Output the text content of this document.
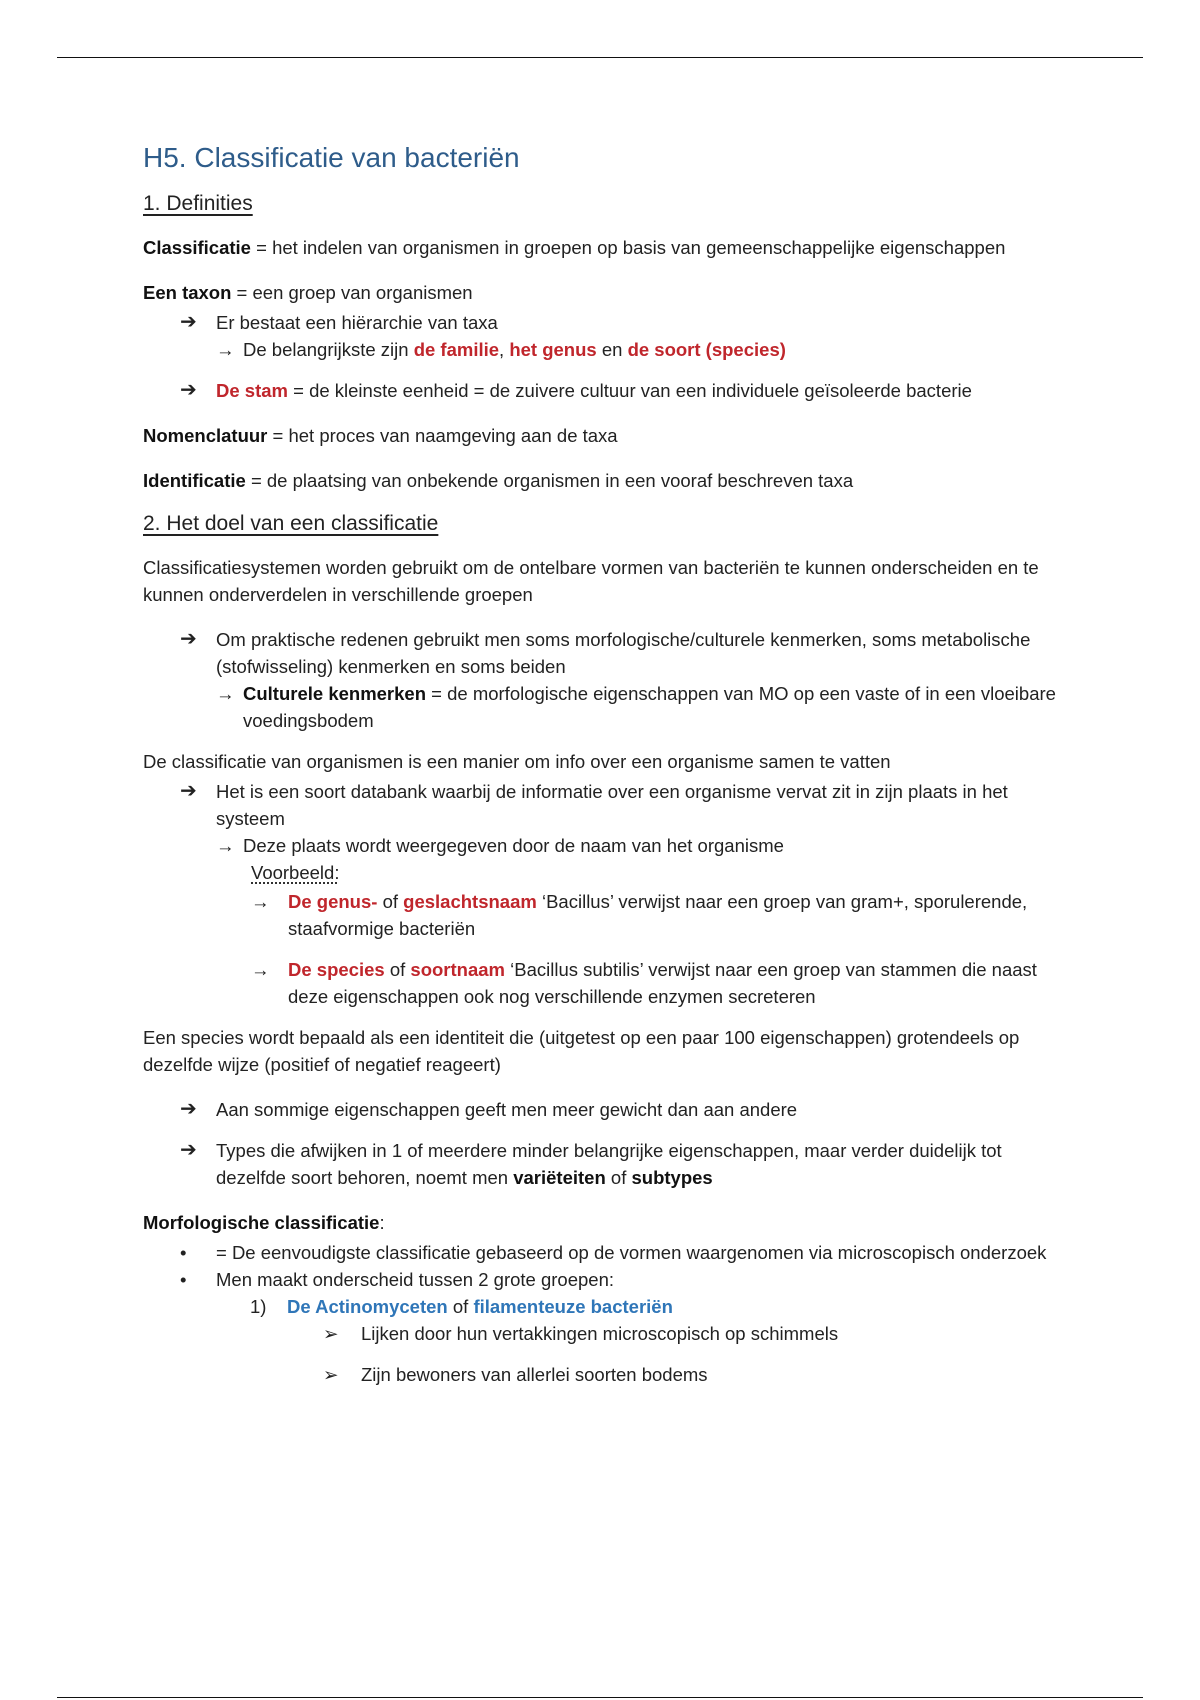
H5. Classificatie van bacteriën
1. Definities

Classificatie = het indelen van organismen in groepen op basis van gemeenschappelijke eigenschappen

Een taxon = een groep van organismen

➔	Er bestaat een hiërarchie van taxa
→ De belangrijkste zijn de familie, het genus en de soort (species)
➔	De stam = de kleinste eenheid = de zuivere cultuur van een individuele geïsoleerde bacterie

Nomenclatuur = het proces van naamgeving aan de taxa

Identificatie = de plaatsing van onbekende organismen in een vooraf beschreven taxa

2. Het doel van een classificatie

Classificatiesystemen worden gebruikt om de ontelbare vormen van bacteriën te kunnen onderscheiden en te kunnen onderverdelen in verschillende groepen

➔	Om praktische redenen gebruikt men soms morfologische/culturele kenmerken, soms metabolische (stofwisseling) kenmerken en soms beiden
→ Culturele kenmerken = de morfologische eigenschappen van MO op een vaste of in een vloeibare voedingsbodem

De classificatie van organismen is een manier om info over een organisme samen te vatten

➔	Het is een soort databank waarbij de informatie over een organisme vervat zit in zijn plaats in het systeem
→ Deze plaats wordt weergegeven door de naam van het organisme
Voorbeeld:
→	De genus- of geslachtsnaam ‘Bacillus’ verwijst naar een groep van gram+, sporulerende, staafvormige bacteriën
→	De species of soortnaam ‘Bacillus subtilis’ verwijst naar een groep van stammen die naast deze eigenschappen ook nog verschillende enzymen secreteren

Een species wordt bepaald als een identiteit die (uitgetest op een paar 100 eigenschappen) grotendeels op dezelfde wijze (positief of negatief reageert)

➔	Aan sommige eigenschappen geeft men meer gewicht dan aan andere
➔	Types die afwijken in 1 of meerdere minder belangrijke eigenschappen, maar verder duidelijk tot dezelfde soort behoren, noemt men variëteiten of subtypes

Morfologische classificatie:

•	= De eenvoudigste classificatie gebaseerd op de vormen waargenomen via microscopisch onderzoek
•	Men maakt onderscheid tussen 2 grote groepen:
1)	De Actinomyceten of filamenteuze bacteriën
➢	Lijken door hun vertakkingen microscopisch op schimmels
➢	Zijn bewoners van allerlei soorten bodems
